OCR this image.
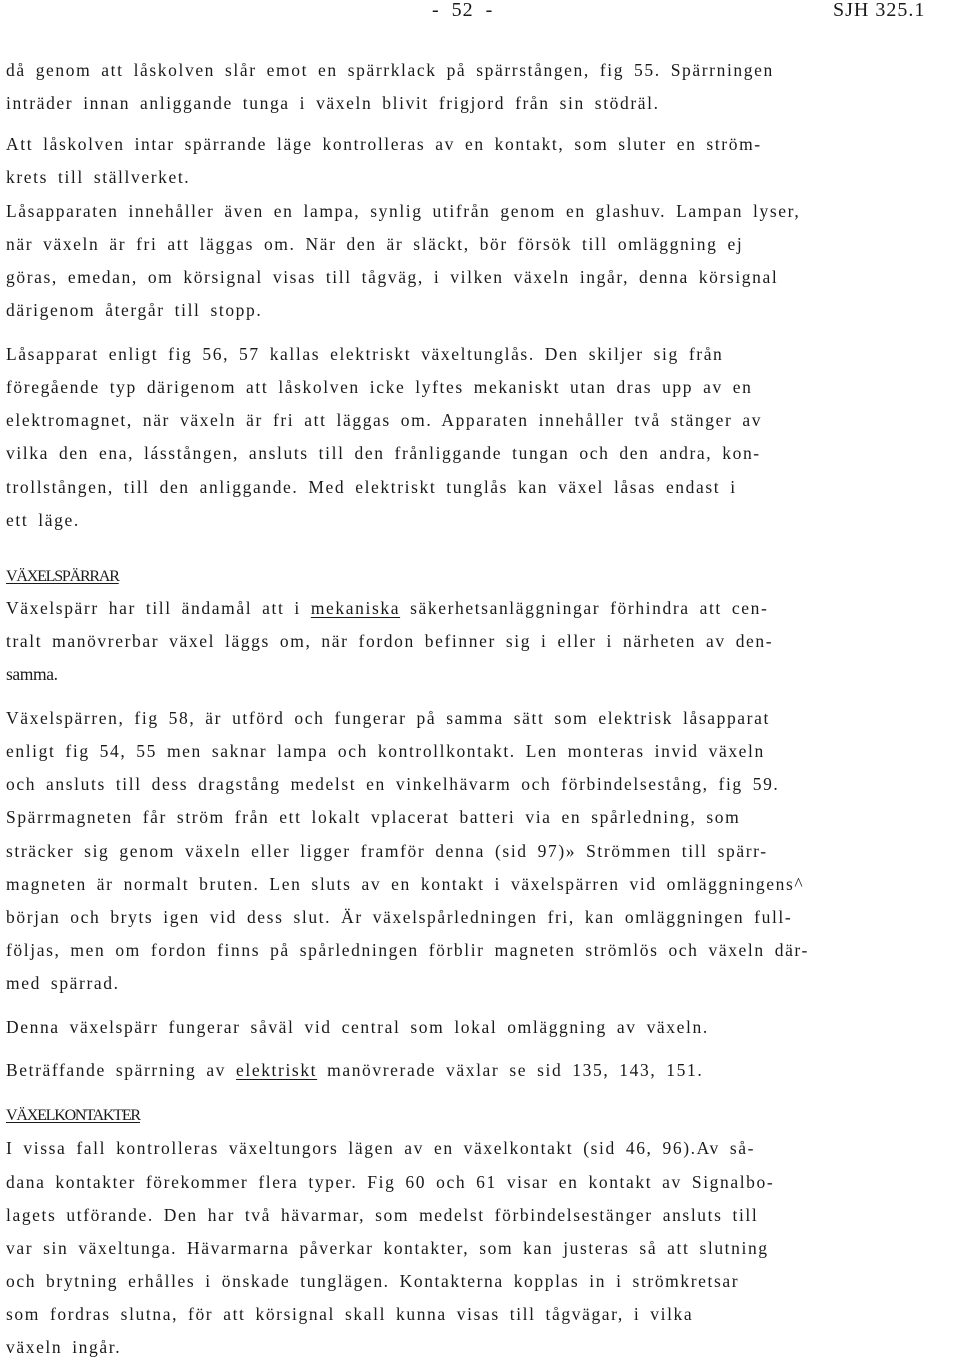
-  52  -	SJH 325.1
då genom att låskolven slår emot en spärrklack på spärrstången, fig 55. Spärrningen
inträder innan anliggande tunga i växeln blivit frigjord från sin stödräl.
Att låskolven intar spärrande läge kontrolleras av en kontakt, som sluter en ström-
krets till ställverket.
Låsapparaten innehåller även en lampa, synlig utifrån genom en glashuv. Lampan lyser,
när växeln är fri att läggas om. När den är släckt, bör försök till omläggning ej
göras, emedan, om körsignal visas till tågväg, i vilken växeln ingår, denna körsignal
därigenom återgår till stopp.
Låsapparat enligt fig 56, 57 kallas elektriskt växeltunglås. Den skiljer sig från
föregående typ därigenom att låskolven icke lyftes mekaniskt utan dras upp av en
elektromagnet, när växeln är fri att läggas om. Apparaten innehåller två stänger av
vilka den ena, lásstången, ansluts till den frånliggande tungan och den andra, kon-
trollstången, till den anliggande. Med elektriskt tunglås kan växel låsas endast i
ett läge.
VÄXELSPÄRRAR
Växelspärr har till ändamål att i mekaniska säkerhetsanläggningar förhindra att cen-
tralt manövrerbar växel läggs om, när fordon befinner sig i eller i närheten av den-
samma.
Växelspärren, fig 58, är utförd och fungerar på samma sätt som elektrisk låsapparat
enligt fig 54, 55 men saknar lampa och kontrollkontakt. Len monteras invid växeln
och ansluts till dess dragstång medelst en vinkelhävarm och förbindelsestång, fig 59.
Spärrmagneten får ström från ett lokalt vplacerat batteri via en spårledning, som
sträcker sig genom växeln eller ligger framför denna (sid 97)» Strömmen till spärr-
magneten är normalt bruten. Len sluts av en kontakt i växelspärren vid omläggningens^
början och bryts igen vid dess slut. Är växelspårledningen fri, kan omläggningen full-
följas, men om fordon finns på spårledningen förblir magneten strömlös och växeln där-
med spärrad.
Denna växelspärr fungerar såväl vid central som lokal omläggning av växeln.
Beträffande spärrning av elektriskt manövrerade växlar se sid 135, 143, 151.
VÄXELKONTAKTER
I vissa fall kontrolleras växeltungors lägen av en växelkontakt (sid 46, 96).Av så-
dana kontakter förekommer flera typer. Fig 60 och 61 visar en kontakt av Signalbo-
lagets utförande. Den har två hävarmar, som medelst förbindelsestänger ansluts till
var sin växeltunga. Hävarmarna påverkar kontakter, som kan justeras så att slutning
och brytning erhålles i önskade tunglägen. Kontakterna kopplas in i strömkretsar
som fordras slutna, för att körsignal skall kunna visas till tågvägar, i vilka
växeln ingår.
